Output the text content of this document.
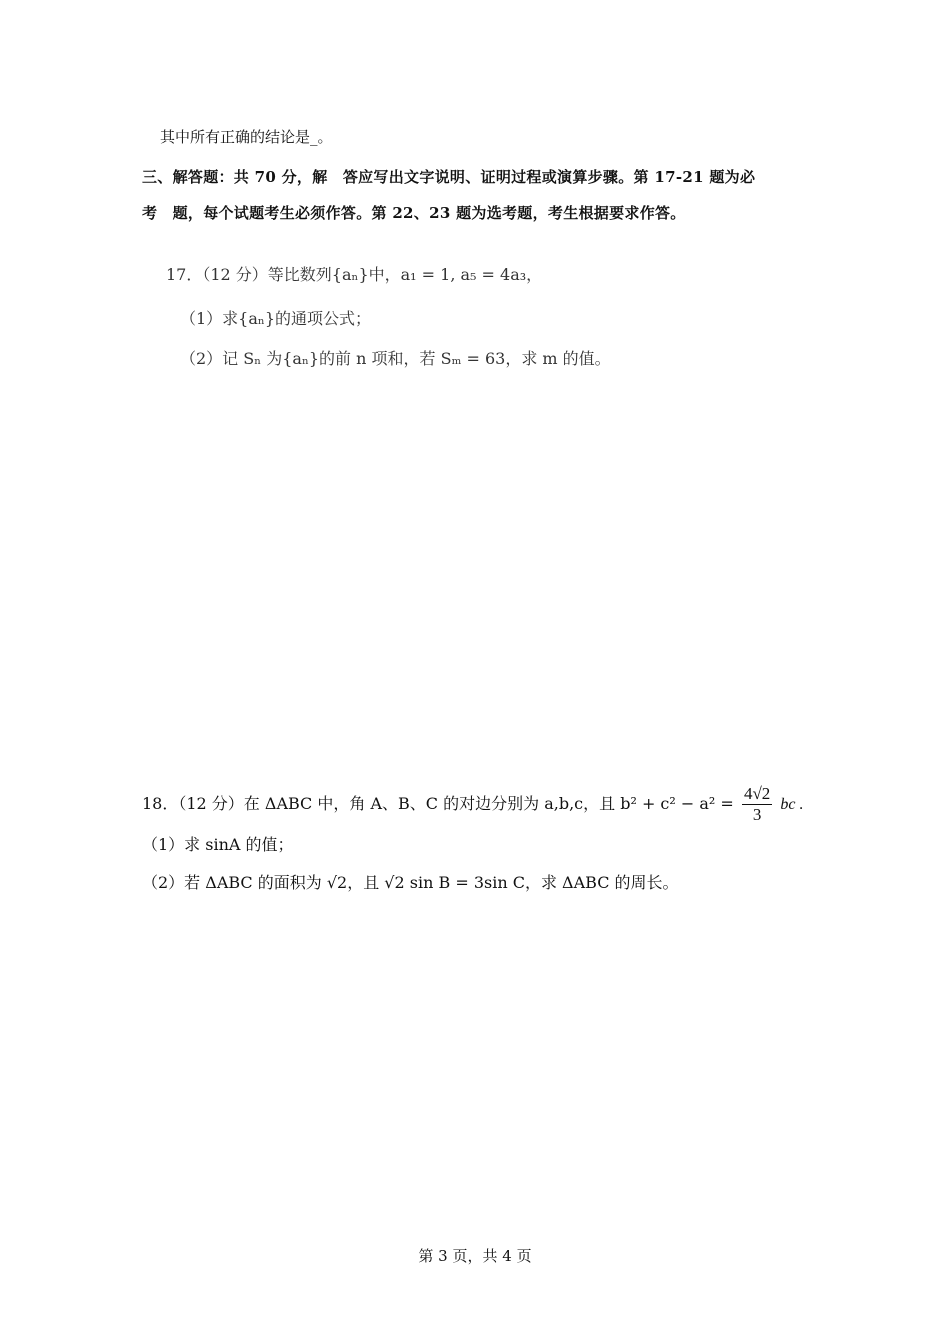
其中所有正确的结论是_。
三、解答题：共 70 分，解　答应写出文字说明、证明过程或演算步骤。第 17-21 题为必
考　题，每个试题考生必须作答。第 22、23 题为选考题，考生根据要求作答。
17．（12 分）等比数列{aₙ}中，a₁ = 1, a₅ = 4a₃，
（1）求{aₙ}的通项公式；
（2）记 Sₙ 为{aₙ}的前 n 项和，若 Sₘ = 63，求 m 的值。
18．（12 分）在 ΔABC 中，角 A、B、C 的对边分别为 a,b,c，且 $b^2 + c^2 - a^2 = \frac{4√2}{3}$ bc .
（1）求 sinA 的值；
（2）若 ΔABC 的面积为 √2，且 √2 sin B = 3sin C，求 ΔABC 的周长。
第 3 页，共 4 页
